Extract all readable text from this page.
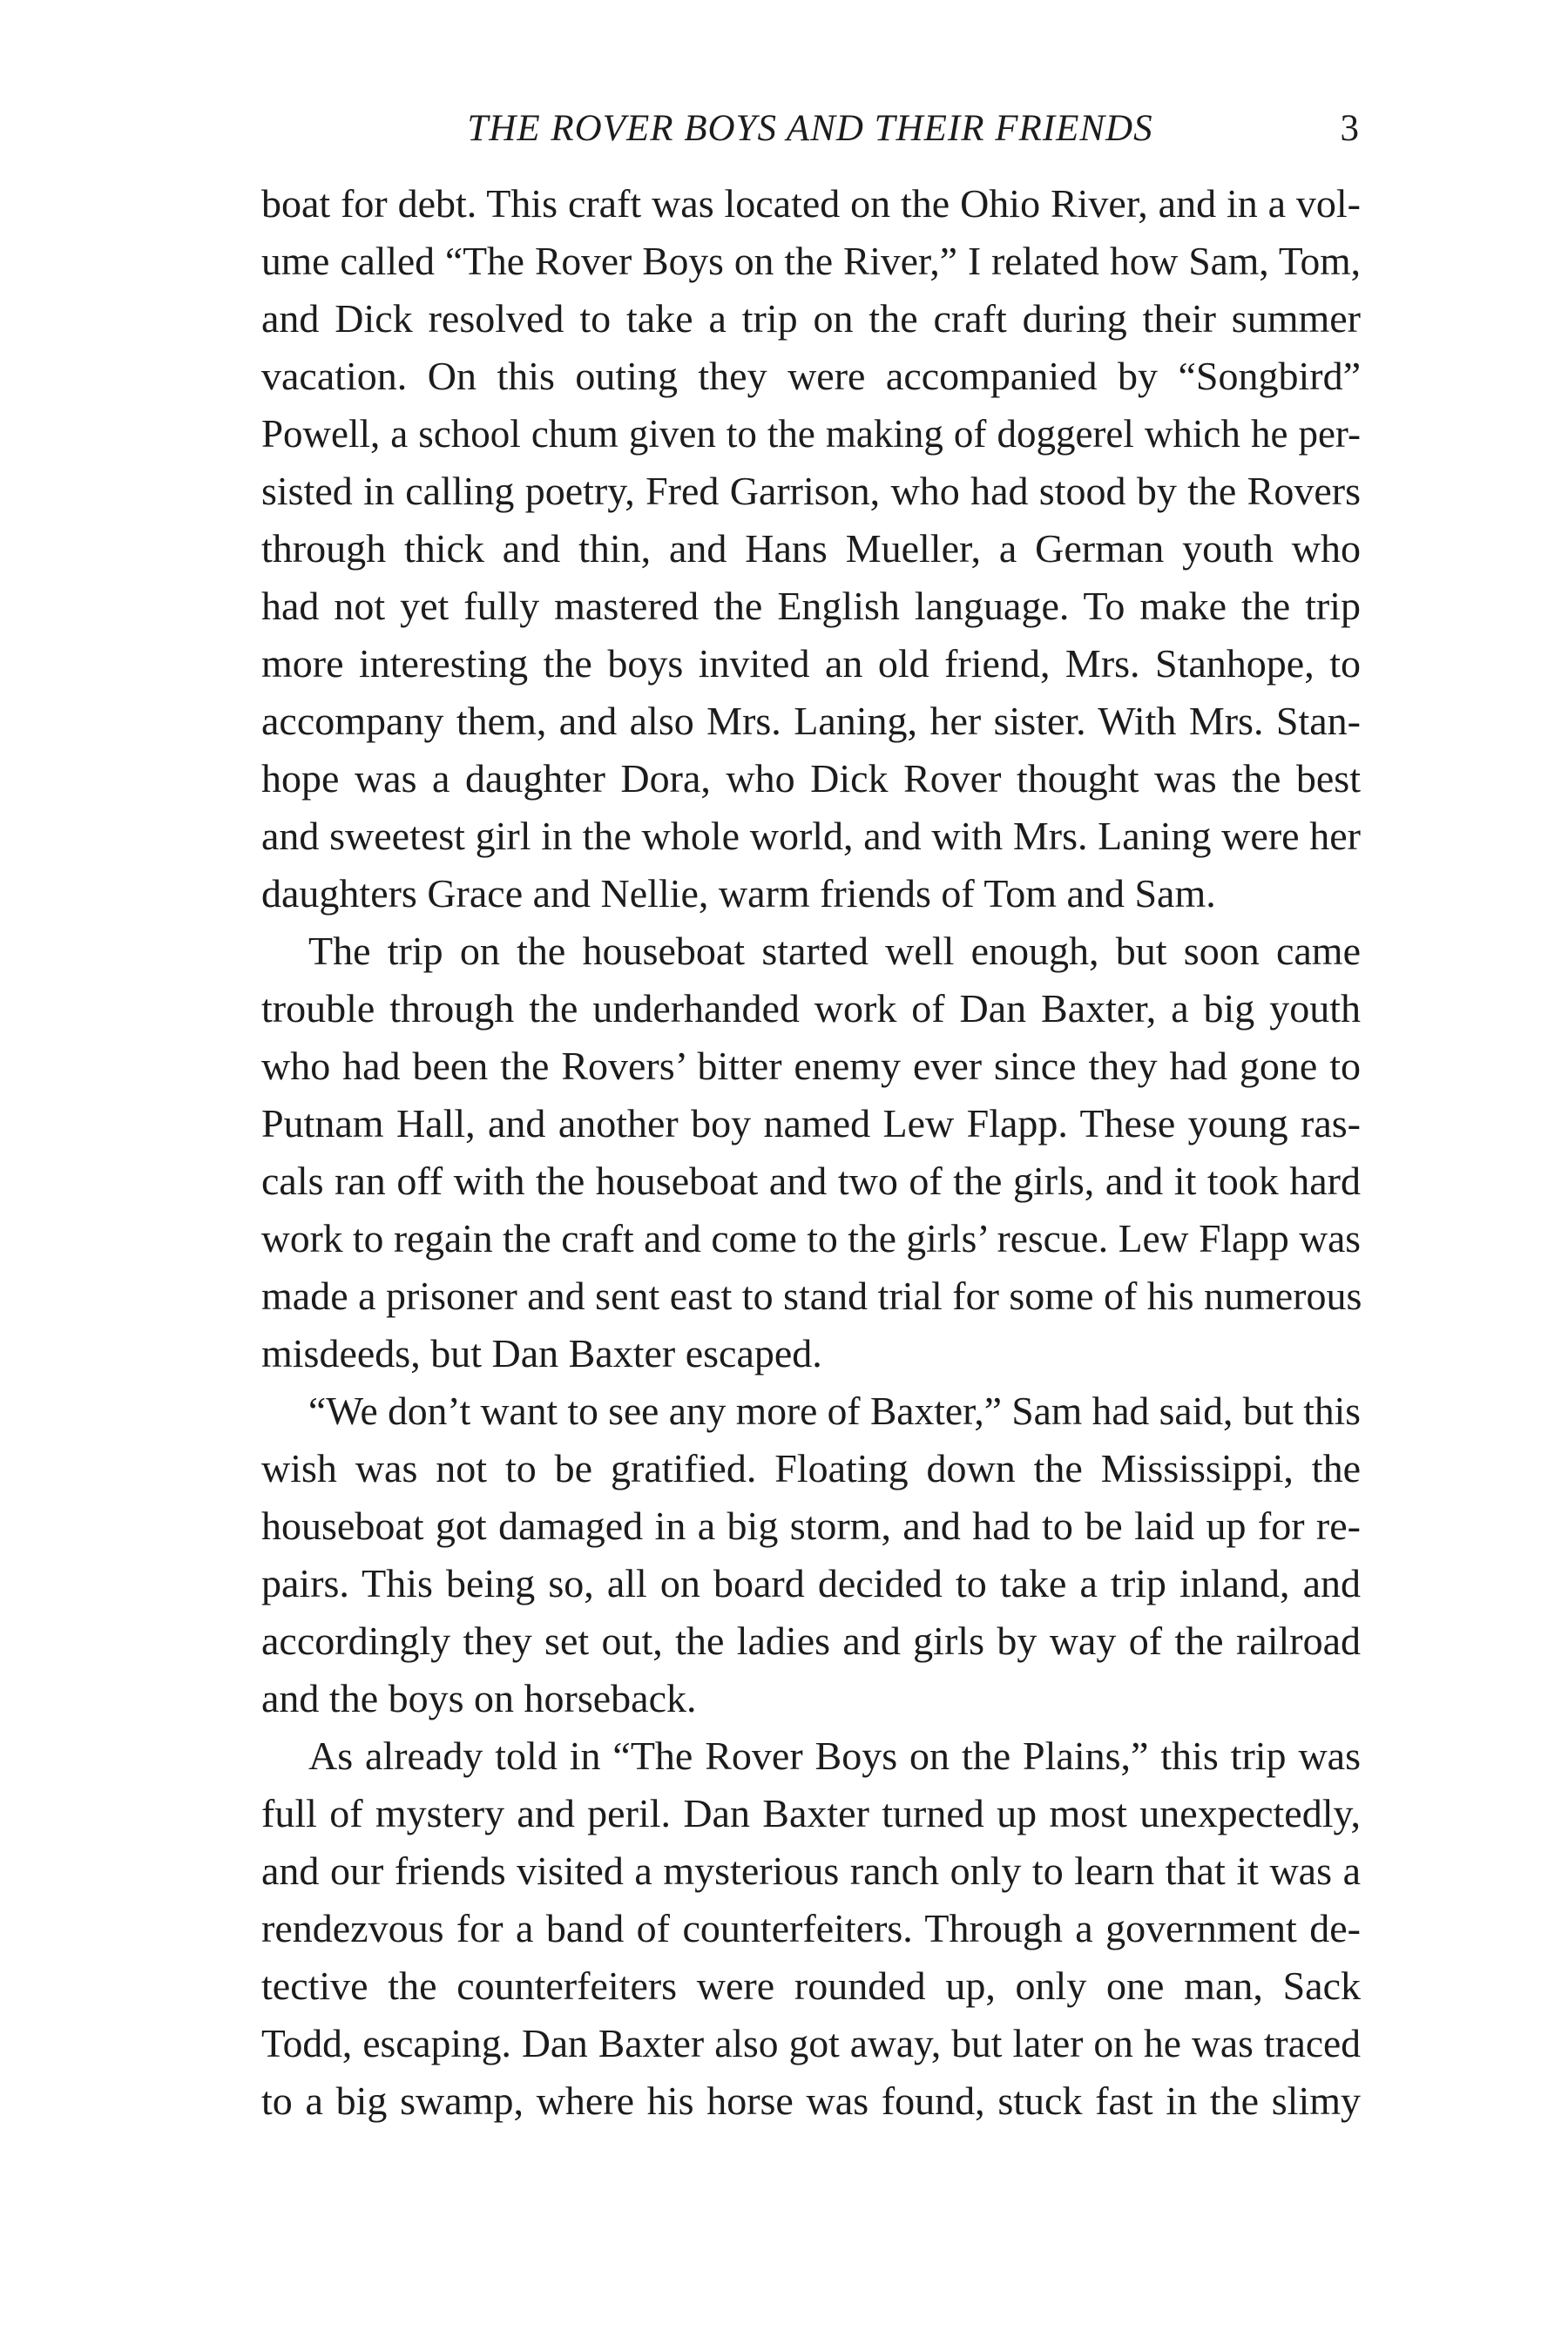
THE ROVER BOYS AND THEIR FRIENDS	3
boat for debt. This craft was located on the Ohio River, and in a vol-
ume called “The Rover Boys on the River,” I related how Sam, Tom,
and Dick resolved to take a trip on the craft during their summer
vacation. On this outing they were accompanied by “Songbird”
Powell, a school chum given to the making of doggerel which he per-
sisted in calling poetry, Fred Garrison, who had stood by the Rovers
through thick and thin, and Hans Mueller, a German youth who
had not yet fully mastered the English language. To make the trip
more interesting the boys invited an old friend, Mrs. Stanhope, to
accompany them, and also Mrs. Laning, her sister. With Mrs. Stan-
hope was a daughter Dora, who Dick Rover thought was the best
and sweetest girl in the whole world, and with Mrs. Laning were her
daughters Grace and Nellie, warm friends of Tom and Sam.
The trip on the houseboat started well enough, but soon came
trouble through the underhanded work of Dan Baxter, a big youth
who had been the Rovers’ bitter enemy ever since they had gone to
Putnam Hall, and another boy named Lew Flapp. These young ras-
cals ran off with the houseboat and two of the girls, and it took hard
work to regain the craft and come to the girls’ rescue. Lew Flapp was
made a prisoner and sent east to stand trial for some of his numerous
misdeeds, but Dan Baxter escaped.
“We don’t want to see any more of Baxter,” Sam had said, but this
wish was not to be gratified. Floating down the Mississippi, the
houseboat got damaged in a big storm, and had to be laid up for re-
pairs. This being so, all on board decided to take a trip inland, and
accordingly they set out, the ladies and girls by way of the railroad
and the boys on horseback.
As already told in “The Rover Boys on the Plains,” this trip was
full of mystery and peril. Dan Baxter turned up most unexpectedly,
and our friends visited a mysterious ranch only to learn that it was a
rendezvous for a band of counterfeiters. Through a government de-
tective the counterfeiters were rounded up, only one man, Sack
Todd, escaping. Dan Baxter also got away, but later on he was traced
to a big swamp, where his horse was found, stuck fast in the slimy
